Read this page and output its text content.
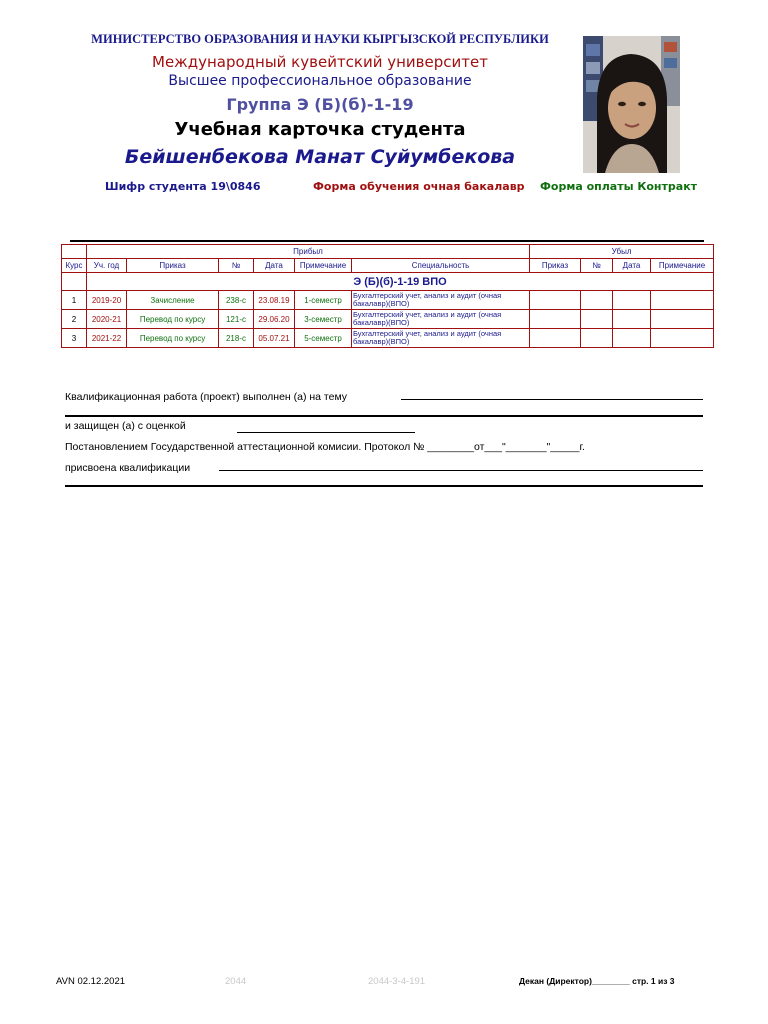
МИНИСТЕРСТВО ОБРАЗОВАНИЯ И НАУКИ КЫРГЫЗСКОЙ РЕСПУБЛИКИ
Международный кувейтский университет
Высшее профессиональное образование
Группа Э (Б)(б)-1-19
Учебная карточка студента
Бейшенбекова Манат Суйумбекова
Шифр студента 19\0846	Форма обучения очная бакалавр Форма оплаты Контракт
	Прибыл						Убыл			
Курс	Уч. год	Приказ	№	Дата	Примечание	Специальность	Приказ	№	Дата	Примечание
	Э (Б)(б)-1-19 ВПО									
1	2019-20	Зачисление	238-с	23.08.19	1-семестр	Бухгалтерский учет, анализ и аудит (очная бакалавр)(ВПО)				
2	2020-21	Перевод по курсу	121-с	29.06.20	3-семестр	Бухгалтерский учет, анализ и аудит (очная бакалавр)(ВПО)				
3	2021-22	Перевод по курсу	218-с	05.07.21	5-семестр	Бухгалтерский учет, анализ и аудит (очная бакалавр)(ВПО)				
Квалификационная работа (проект) выполнен (а) на тему
и защищен (а) с оценкой
Постановлением Государственной аттестационной комисии. Протокол № ________от___"_______"_____г.
присвоена квалификации
AVN 02.12.2021	2044	2044-3-4-191	Декан (Директор)________ стр. 1 из 3
